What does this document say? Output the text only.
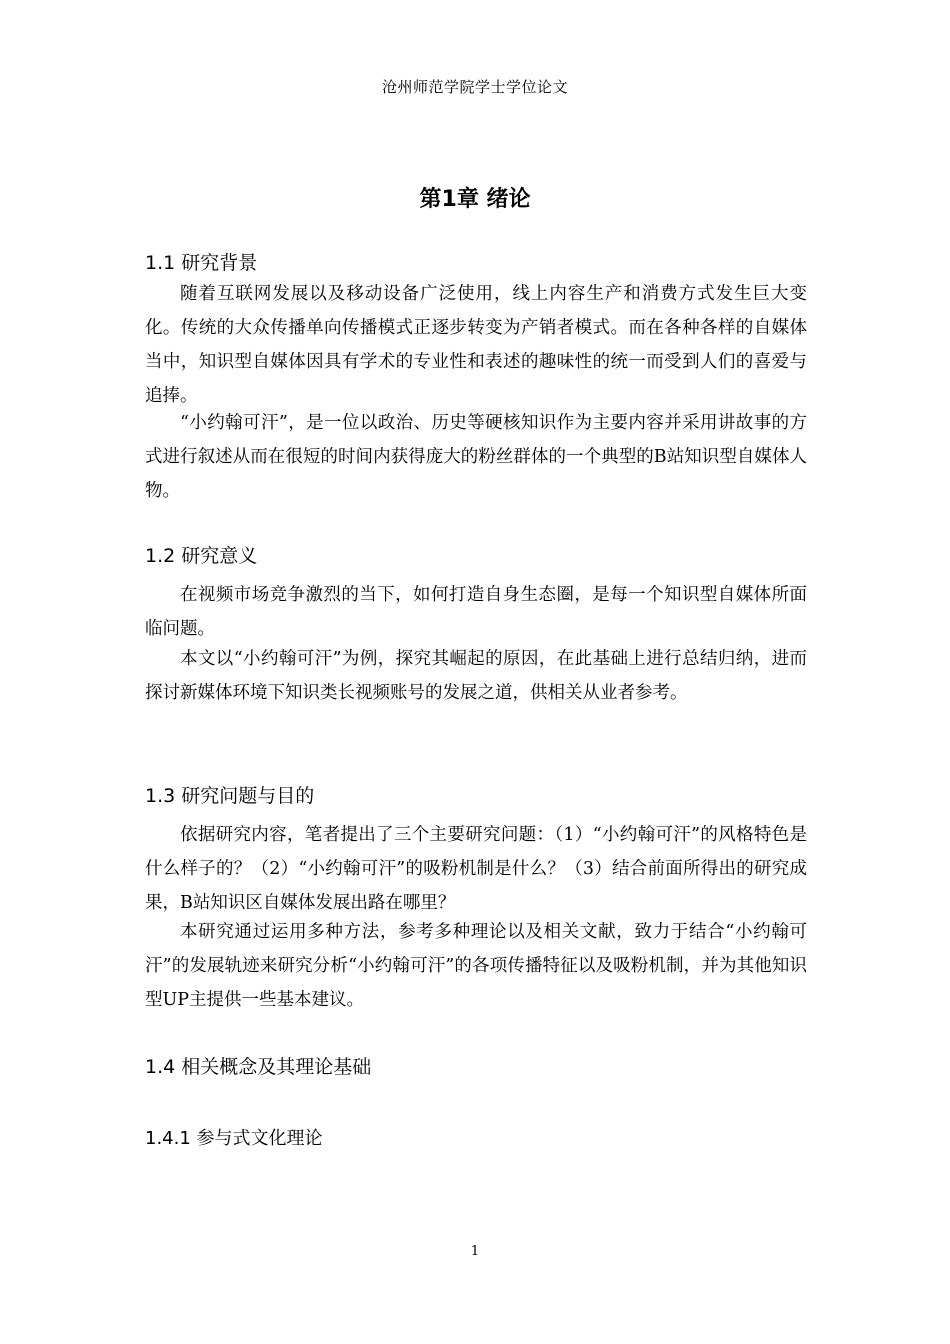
沧州师范学院学士学位论文
第1章 绪论
1.1 研究背景

随着互联网发展以及移动设备广泛使用，线上内容生产和消费方式发生巨大变化。传统的大众传播单向传播模式正逐步转变为产销者模式。而在各种各样的自媒体当中，知识型自媒体因具有学术的专业性和表述的趣味性的统一而受到人们的喜爱与追捧。

“小约翰可汗”，是一位以政治、历史等硬核知识作为主要内容并采用讲故事的方式进行叙述从而在很短的时间内获得庞大的粉丝群体的一个典型的B站知识型自媒体人物。

1.2 研究意义

在视频市场竞争激烈的当下，如何打造自身生态圈，是每一个知识型自媒体所面临问题。

本文以“小约翰可汗”为例，探究其崛起的原因，在此基础上进行总结归纳，进而探讨新媒体环境下知识类长视频账号的发展之道，供相关从业者参考。

1.3 研究问题与目的

依据研究内容，笔者提出了三个主要研究问题：（1）“小约翰可汗”的风格特色是什么样子的？（2）“小约翰可汗”的吸粉机制是什么？（3）结合前面所得出的研究成果，B站知识区自媒体发展出路在哪里？

本研究通过运用多种方法，参考多种理论以及相关文献，致力于结合“小约翰可汗”的发展轨迹来研究分析“小约翰可汗”的各项传播特征以及吸粉机制，并为其他知识型UP主提供一些基本建议。

1.4 相关概念及其理论基础
1.4.1 参与式文化理论
1
